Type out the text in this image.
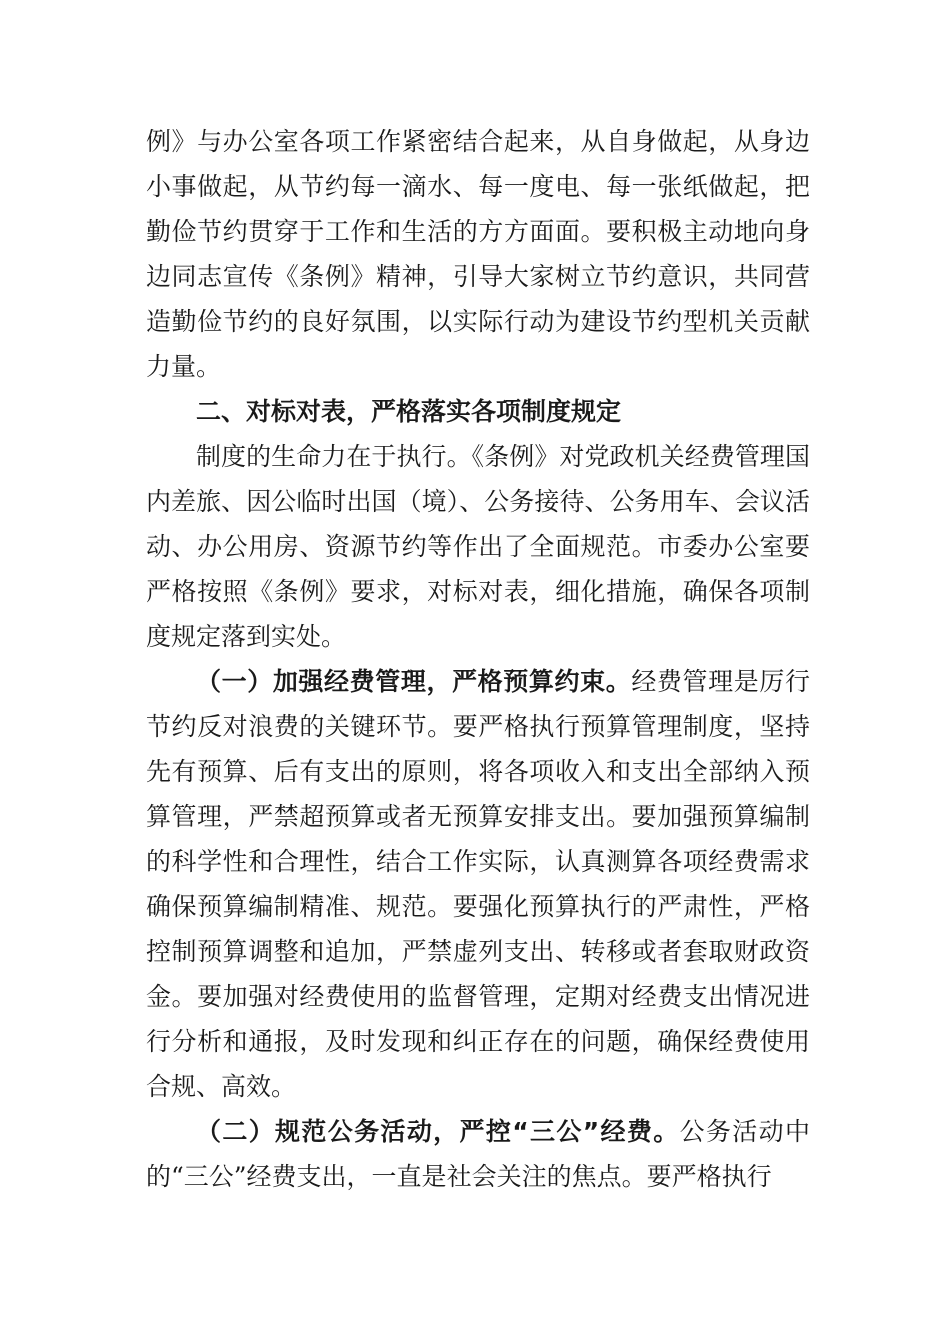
例》与办公室各项工作紧密结合起来，从自身做起，从身边小事做起，从节约每一滴水、每一度电、每一张纸做起，把勤俭节约贯穿于工作和生活的方方面面。要积极主动地向身边同志宣传《条例》精神，引导大家树立节约意识，共同营造勤俭节约的良好氛围，以实际行动为建设节约型机关贡献力量。

二、对标对表，严格落实各项制度规定

制度的生命力在于执行。《条例》对党政机关经费管理国内差旅、因公临时出国（境）、公务接待、公务用车、会议活动、办公用房、资源节约等作出了全面规范。市委办公室要严格按照《条例》要求，对标对表，细化措施，确保各项制度规定落到实处。

（一）加强经费管理，严格预算约束。经费管理是厉行节约反对浪费的关键环节。要严格执行预算管理制度，坚持先有预算、后有支出的原则，将各项收入和支出全部纳入预算管理，严禁超预算或者无预算安排支出。要加强预算编制的科学性和合理性，结合工作实际，认真测算各项经费需求确保预算编制精准、规范。要强化预算执行的严肃性，严格控制预算调整和追加，严禁虚列支出、转移或者套取财政资金。要加强对经费使用的监督管理，定期对经费支出情况进行分析和通报，及时发现和纠正存在的问题，确保经费使用合规、高效。

（二）规范公务活动，严控“三公”经费。公务活动中的“三公”经费支出，一直是社会关注的焦点。要严格执行
